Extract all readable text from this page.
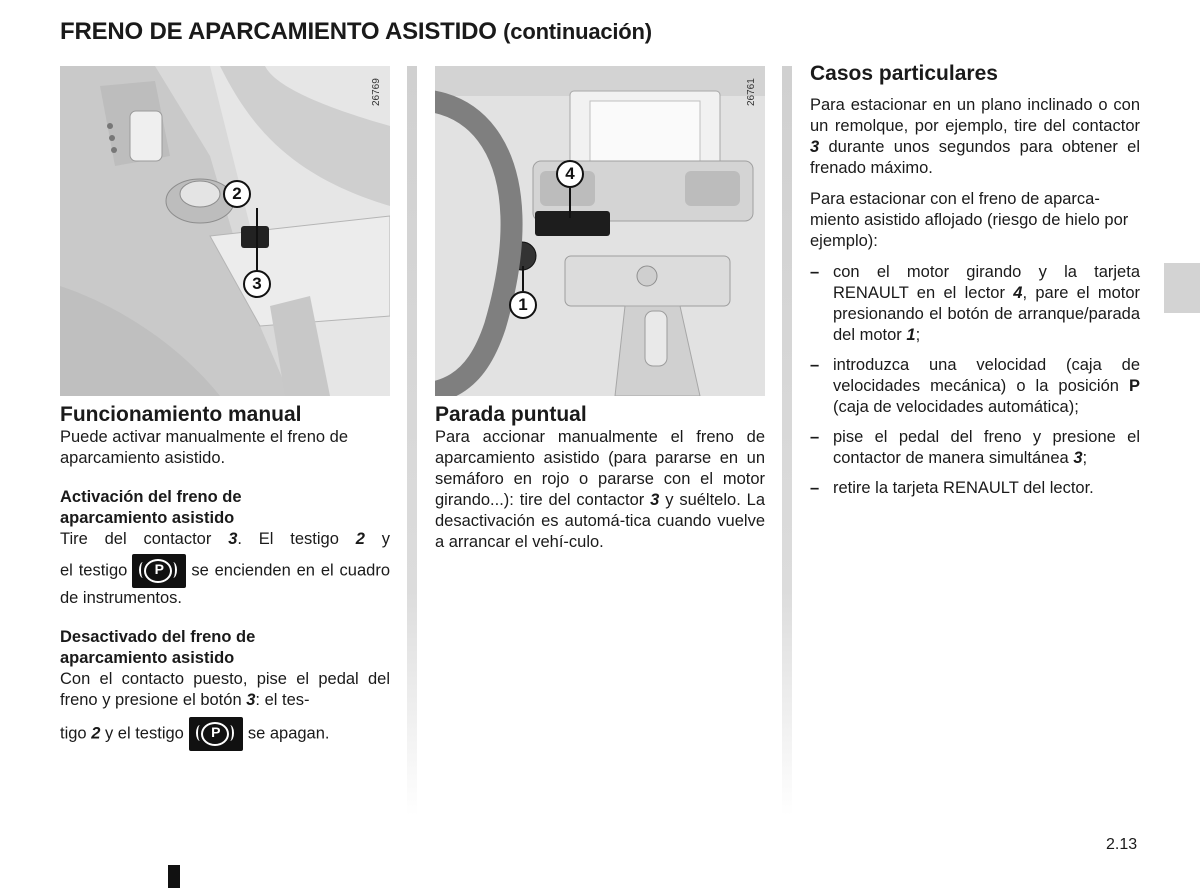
FRENO DE APARCAMIENTO ASISTIDO (continuación)
26769
2
3
26761
4
1

Funcionamiento manual

Puede activar manualmente el freno de aparcamiento asistido.

Activación del freno de
aparcamiento asistido

Tire del contactor 3. El testigo 2 y

el testigo	P	se encienden en el cuadro de instrumentos.

Desactivado del freno de
aparcamiento asistido

Con el contacto puesto, pise el pedal del freno y presione el botón 3: el tes-

tigo 2 y el testigo	P	se apagan.

Parada puntual

Para accionar manualmente el freno de aparcamiento asistido (para pararse en un semáforo en rojo o pararse con el motor girando...): tire del contactor 3 y suéltelo. La desactivación es automá-tica cuando vuelve a arrancar el vehí-culo.

Casos particulares

Para estacionar en un plano inclinado o con un remolque, por ejemplo, tire del contactor 3 durante unos segundos para obtener el frenado máximo.

Para estacionar con el freno de aparca-miento asistido aflojado (riesgo de hielo por ejemplo):

– con el motor girando y la tarjeta RENAULT en el lector 4, pare el motor presionando el botón de arranque/parada del motor 1;
– introduzca una velocidad (caja de velocidades mecánica) o la posición P (caja de velocidades automática);
– pise el pedal del freno y presione el contactor de manera simultánea 3;
– retire la tarjeta RENAULT del lector.
2.13
